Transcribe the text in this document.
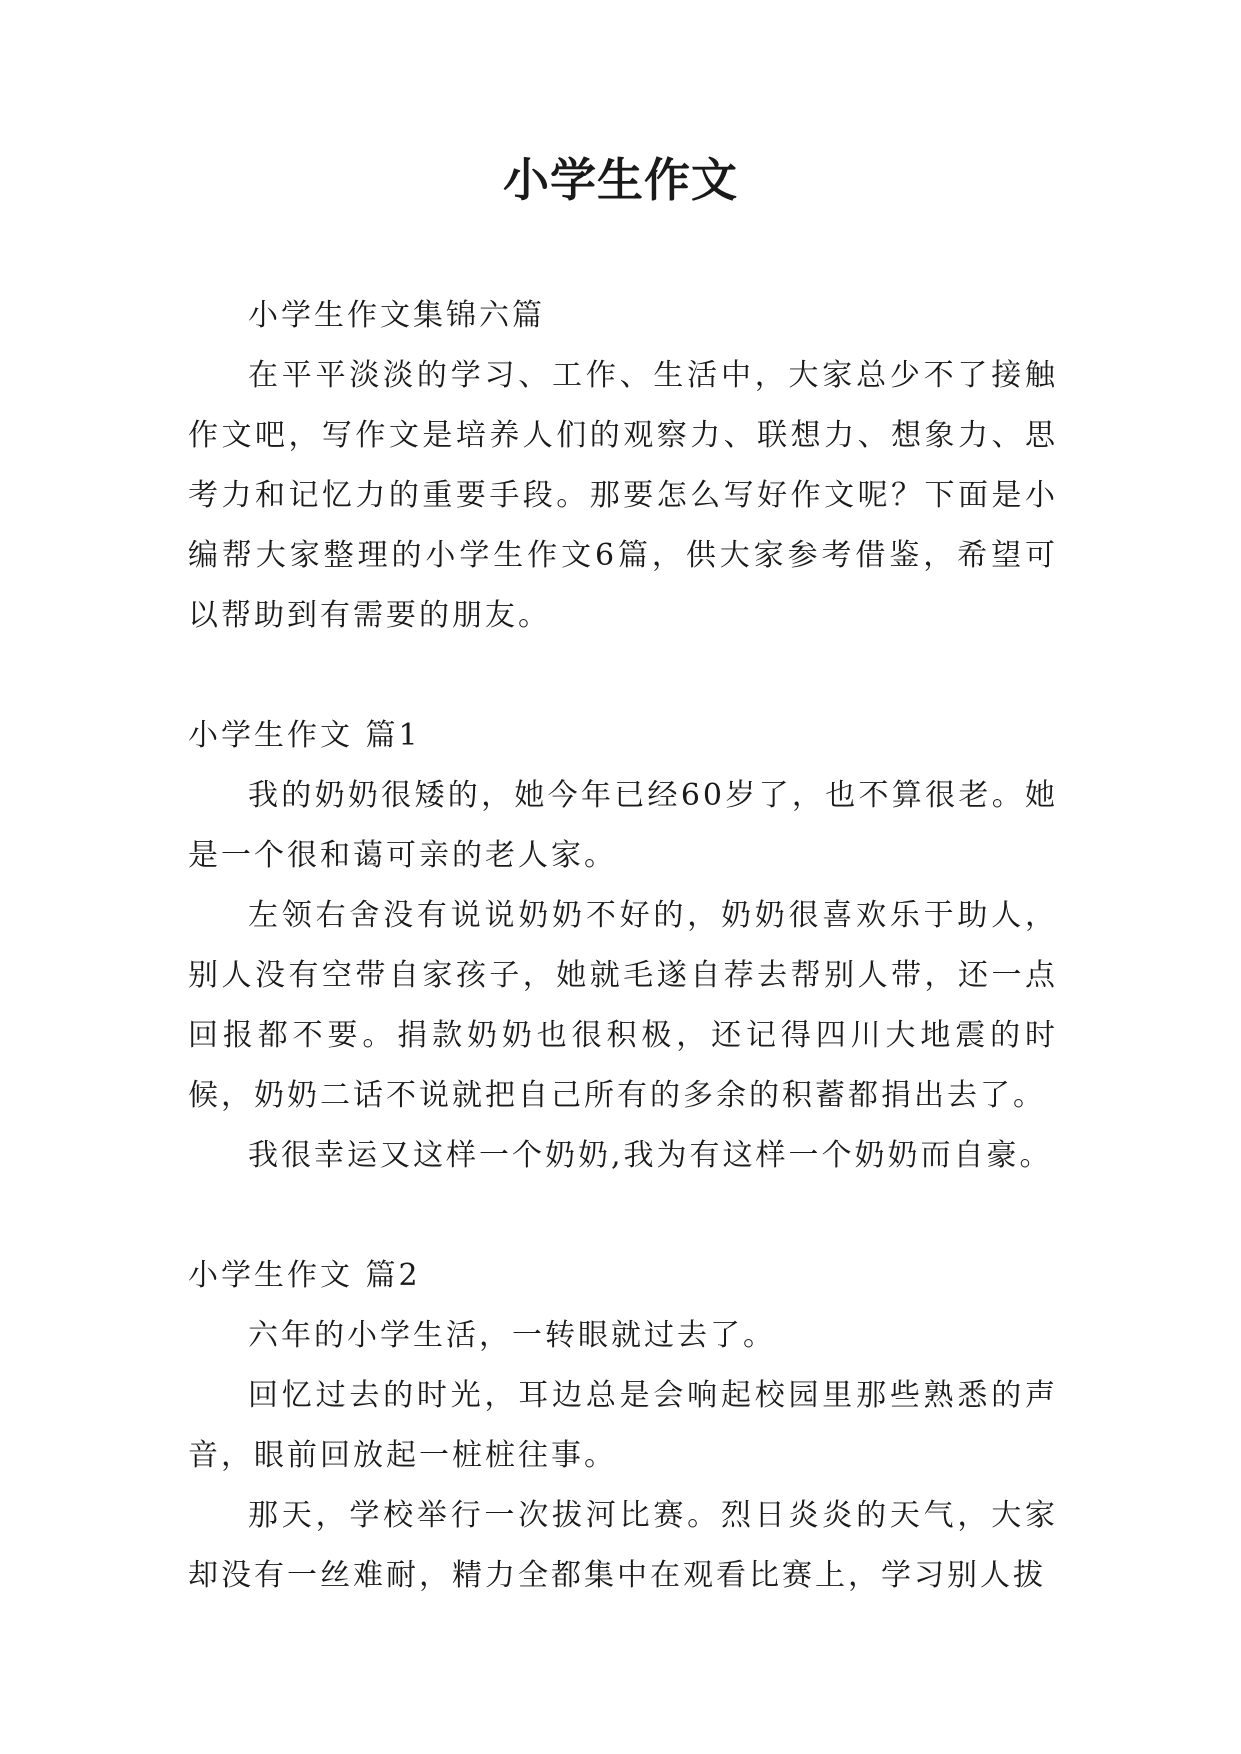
小学生作文

小学生作文集锦六篇

在平平淡淡的学习、工作、生活中，大家总少不了接触作文吧，写作文是培养人们的观察力、联想力、想象力、思考力和记忆力的重要手段。那要怎么写好作文呢？下面是小编帮大家整理的小学生作文6篇，供大家参考借鉴，希望可以帮助到有需要的朋友。

小学生作文 篇1

我的奶奶很矮的，她今年已经60岁了，也不算很老。她是一个很和蔼可亲的老人家。

左领右舍没有说说奶奶不好的，奶奶很喜欢乐于助人，别人没有空带自家孩子，她就毛遂自荐去帮别人带，还一点回报都不要。捐款奶奶也很积极，还记得四川大地震的时候，奶奶二话不说就把自己所有的多余的积蓄都捐出去了。

我很幸运又这样一个奶奶,我为有这样一个奶奶而自豪。

小学生作文 篇2

六年的小学生活，一转眼就过去了。

回忆过去的时光，耳边总是会响起校园里那些熟悉的声音，眼前回放起一桩桩往事。

那天，学校举行一次拔河比赛。烈日炎炎的天气，大家却没有一丝难耐，精力全都集中在观看比赛上，学习别人拔
